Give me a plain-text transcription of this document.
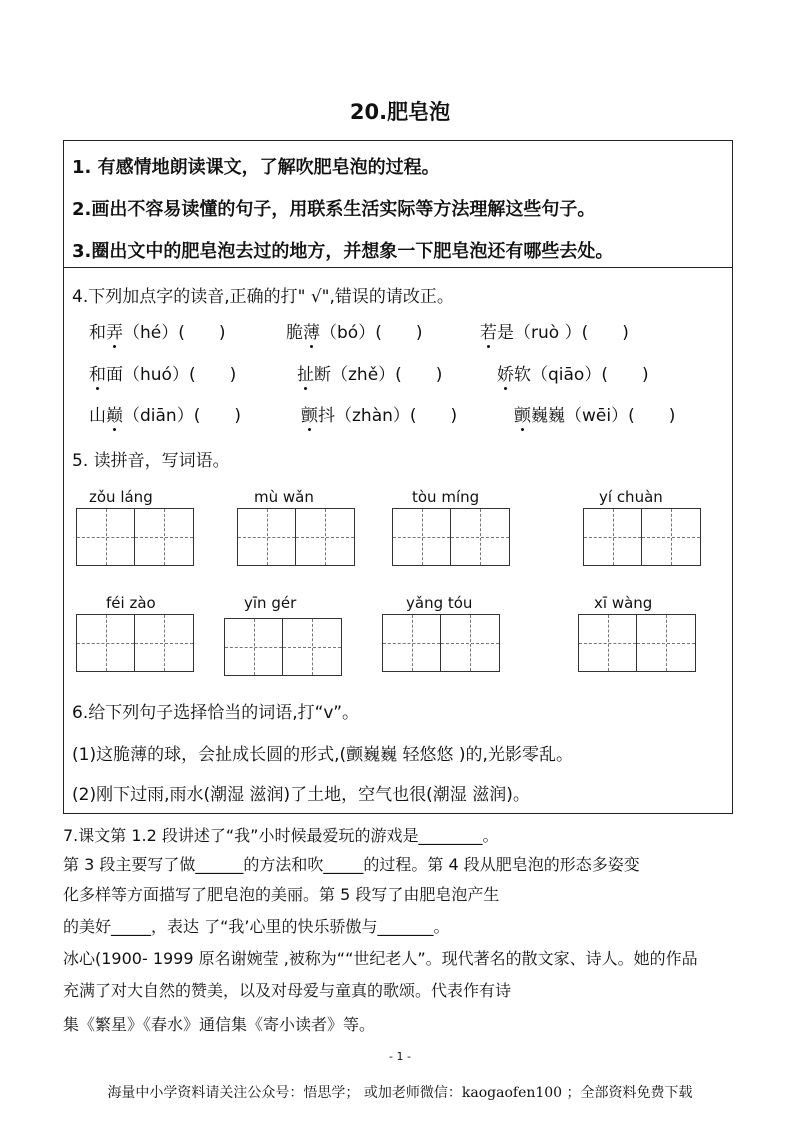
20.肥皂泡
1. 有感情地朗读课文，了解吹肥皂泡的过程。
2.画出不容易读懂的句子，用联系生活实际等方法理解这些句子。
3.圈出文中的肥皂泡去过的地方，并想象一下肥皂泡还有哪些去处。
4.下列加点字的读音,正确的打" √",错误的请改正。
和弄（hé）(　　)	脆薄（bó）(　　)	若是（ruò ）(　　)
和面（huó）(　　)	扯断（zhě）(　　)	娇软（qiāo）(　　)
山巅（diān）(　　)	颤抖（zhàn）(　　)	颤巍巍（wēi）(　　)
5. 读拼音，写词语。
zǒu láng	mù wǎn	tòu míng	yí chuàn
féi zào	yīn gér	yǎng tóu	xī wàng
6.给下列句子选择恰当的词语,打“v”。
(1)这脆薄的球，会扯成长圆的形式,(颤巍巍 轻悠悠 )的,光影零乱。
(2)刚下过雨,雨水(潮湿 滋润)了土地，空气也很(潮湿 滋润)。
7.课文第 1.2 段讲述了“我”小时候最爱玩的游戏是________。
第 3 段主要写了做______的方法和吹_____的过程。第 4 段从肥皂泡的形态多姿变
化多样等方面描写了肥皂泡的美丽。第 5 段写了由肥皂泡产生
的美好_____，表达 了“我’心里的快乐骄傲与_______。
冰心(1900- 1999 原名谢婉莹 ,被称为““世纪老人”。现代著名的散文家、诗人。她的作品
充满了对大自然的赞美，以及对母爱与童真的歌颂。代表作有诗
集《繁星》《春水》通信集《寄小读者》等。
- 1 -
海量中小学资料请关注公众号：悟思学； 或加老师微信：kaogaofen100 ；全部资料免费下载
